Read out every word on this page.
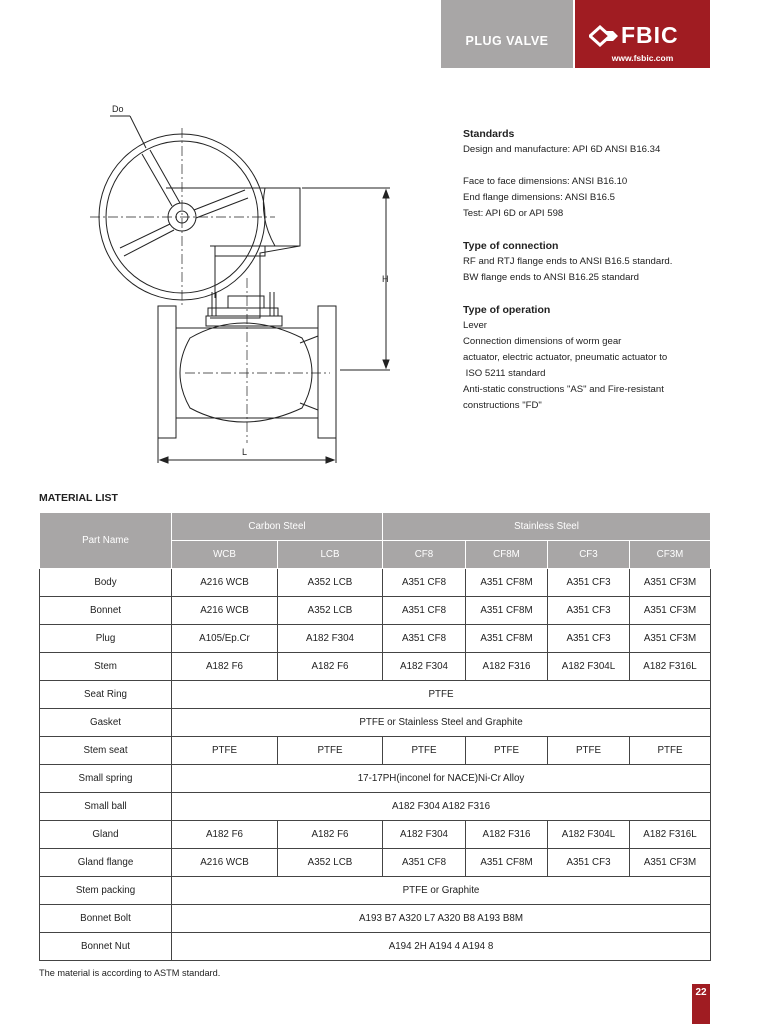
PLUG VALVE	FBIC
www.fsbic.com
Do
H
L
Standards

Design and manufacture: API 6D ANSI B16.34

Face to face dimensions: ANSI B16.10

End flange dimensions: ANSI B16.5

Test: API 6D or API 598

Type of connection

RF and RTJ flange ends to ANSI B16.5 standard.

BW flange ends to ANSI B16.25 standard

Type of operation

Lever

Connection dimensions of worm gear

actuator, electric actuator, pneumatic actuator to

ISO 5211 standard

Anti-static constructions "AS" and Fire-resistant

constructions "FD"

MATERIAL LIST
Part Name	Carbon Steel		Stainless Steel			
	WCB	LCB	CF8	CF8M	CF3	CF3M
Body	A216 WCB	A352 LCB	A351 CF8	A351 CF8M	A351 CF3	A351 CF3M
Bonnet	A216 WCB	A352 LCB	A351 CF8	A351 CF8M	A351 CF3	A351 CF3M
Plug	A105/Ep.Cr	A182 F304	A351 CF8	A351 CF8M	A351 CF3	A351 CF3M
Stem	A182 F6	A182 F6	A182 F304	A182 F316	A182 F304L	A182 F316L
Seat Ring	PTFE					
Gasket	PTFE or Stainless Steel and Graphite					
Stem seat	PTFE	PTFE	PTFE	PTFE	PTFE	PTFE
Small spring	17-17PH(inconel for NACE)Ni-Cr Alloy					
Small ball	A182 F304 A182 F316					
Gland	A182 F6	A182 F6	A182 F304	A182 F316	A182 F304L	A182 F316L
Gland flange	A216 WCB	A352 LCB	A351 CF8	A351 CF8M	A351 CF3	A351 CF3M
Stem packing	PTFE or Graphite					
Bonnet Bolt	A193 B7 A320 L7 A320 B8 A193 B8M					
Bonnet Nut	A194 2H A194 4 A194 8					
The material is according to ASTM standard.
22
